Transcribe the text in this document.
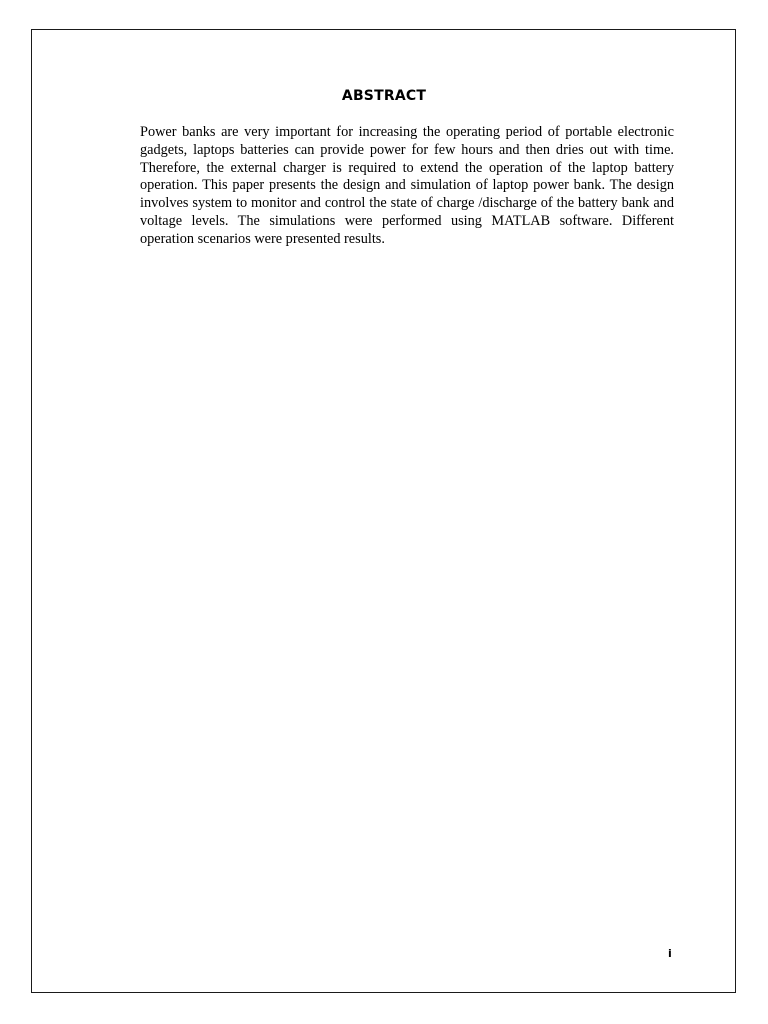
ABSTRACT

Power banks are very important for increasing the operating period of portable electronic gadgets, laptops batteries can provide power for few hours and then dries out with time. Therefore, the external charger is required to extend the operation of the laptop battery operation. This paper presents the design and simulation of laptop power bank. The design involves system to monitor and control the state of charge /discharge of the battery bank and voltage levels. The simulations were performed using MATLAB software. Different operation scenarios were presented results.

i
